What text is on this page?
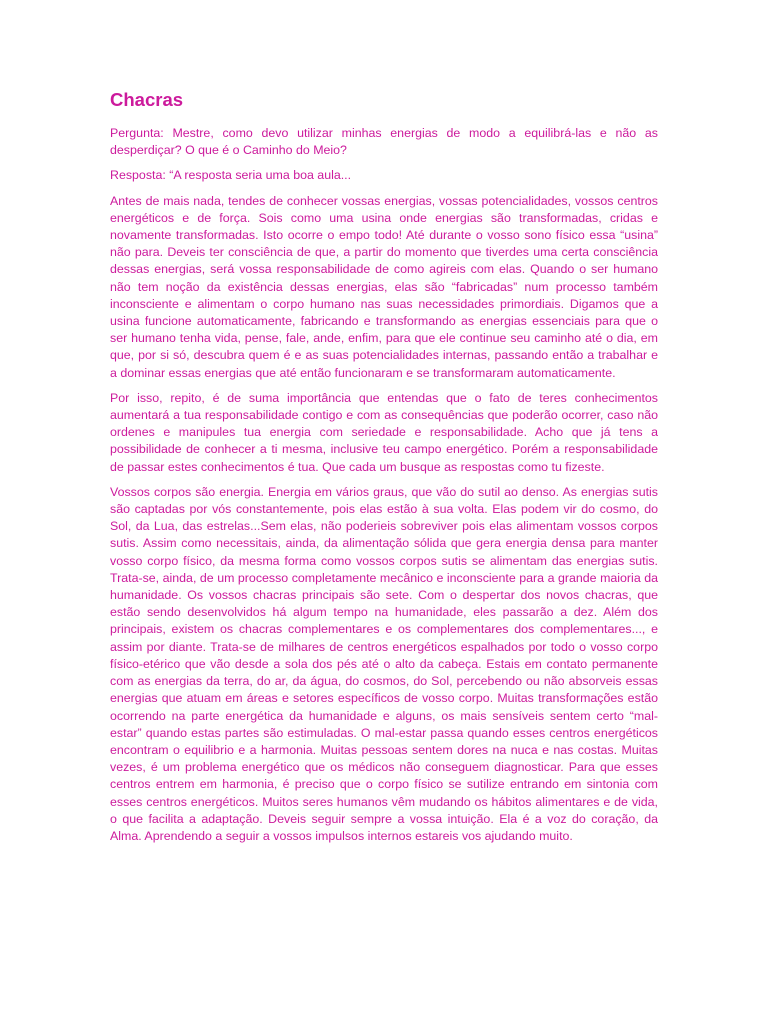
Chacras

Pergunta: Mestre, como devo utilizar minhas energias de modo a equilibrá-las e não as desperdiçar? O que é o Caminho do Meio?

Resposta: “A resposta seria uma boa aula...

Antes de mais nada, tendes de conhecer vossas energias, vossas potencialidades, vossos centros energéticos e de força. Sois como uma usina onde energias são transformadas, cridas e novamente transformadas. Isto ocorre o empo todo! Até durante o vosso sono físico essa “usina” não para. Deveis ter consciência de que, a partir do momento que tiverdes uma certa consciência dessas energias, será vossa responsabilidade de como agireis com elas. Quando o ser humano não tem noção da existência dessas energias, elas são “fabricadas” num processo também inconsciente e alimentam o corpo humano nas suas necessidades primordiais. Digamos que a usina funcione automaticamente, fabricando e transformando as energias essenciais para que o ser humano tenha vida, pense, fale, ande, enfim, para que ele continue seu caminho até o dia, em que, por si só, descubra quem é e as suas potencialidades internas, passando então a trabalhar e a dominar essas energias que até então funcionaram e se transformaram automaticamente.

Por isso, repito, é de suma importância que entendas que o fato de teres conhecimentos aumentará a tua responsabilidade contigo e com as consequências que poderão ocorrer, caso não ordenes e manipules tua energia com seriedade e responsabilidade. Acho que já tens a possibilidade de conhecer a ti mesma, inclusive teu campo energético. Porém a responsabilidade de passar estes conhecimentos é tua. Que cada um busque as respostas como tu fizeste.

Vossos corpos são energia. Energia em vários graus, que vão do sutil ao denso. As energias sutis são captadas por vós constantemente, pois elas estão à sua volta. Elas podem vir do cosmo, do Sol, da Lua, das estrelas...Sem elas, não poderieis sobreviver pois elas alimentam vossos corpos sutis. Assim como necessitais, ainda, da alimentação sólida que gera energia densa para manter vosso corpo físico, da mesma forma como vossos corpos sutis se alimentam das energias sutis. Trata-se, ainda, de um processo completamente mecânico e inconsciente para a grande maioria da humanidade. Os vossos chacras principais são sete. Com o despertar dos novos chacras, que estão sendo desenvolvidos há algum tempo na humanidade, eles passarão a dez. Além dos principais, existem os chacras complementares e os complementares dos complementares..., e assim por diante. Trata-se de milhares de centros energéticos espalhados por todo o vosso corpo físico-etérico que vão desde a sola dos pés até o alto da cabeça. Estais em contato permanente com as energias da terra, do ar, da água, do cosmos, do Sol, percebendo ou não absorveis essas energias que atuam em áreas e setores específicos de vosso corpo. Muitas transformações estão ocorrendo na parte energética da humanidade e alguns, os mais sensíveis sentem certo “mal-estar” quando estas partes são estimuladas. O mal-estar passa quando esses centros energéticos encontram o equilibrio e a harmonia. Muitas pessoas sentem dores na nuca e nas costas. Muitas vezes, é um problema energético que os médicos não conseguem diagnosticar. Para que esses centros entrem em harmonia, é preciso que o corpo físico se sutilize entrando em sintonia com esses centros energéticos. Muitos seres humanos vêm mudando os hábitos alimentares e de vida, o que facilita a adaptação. Deveis seguir sempre a vossa intuição. Ela é a voz do coração, da Alma. Aprendendo a seguir a vossos impulsos internos estareis vos ajudando muito.
